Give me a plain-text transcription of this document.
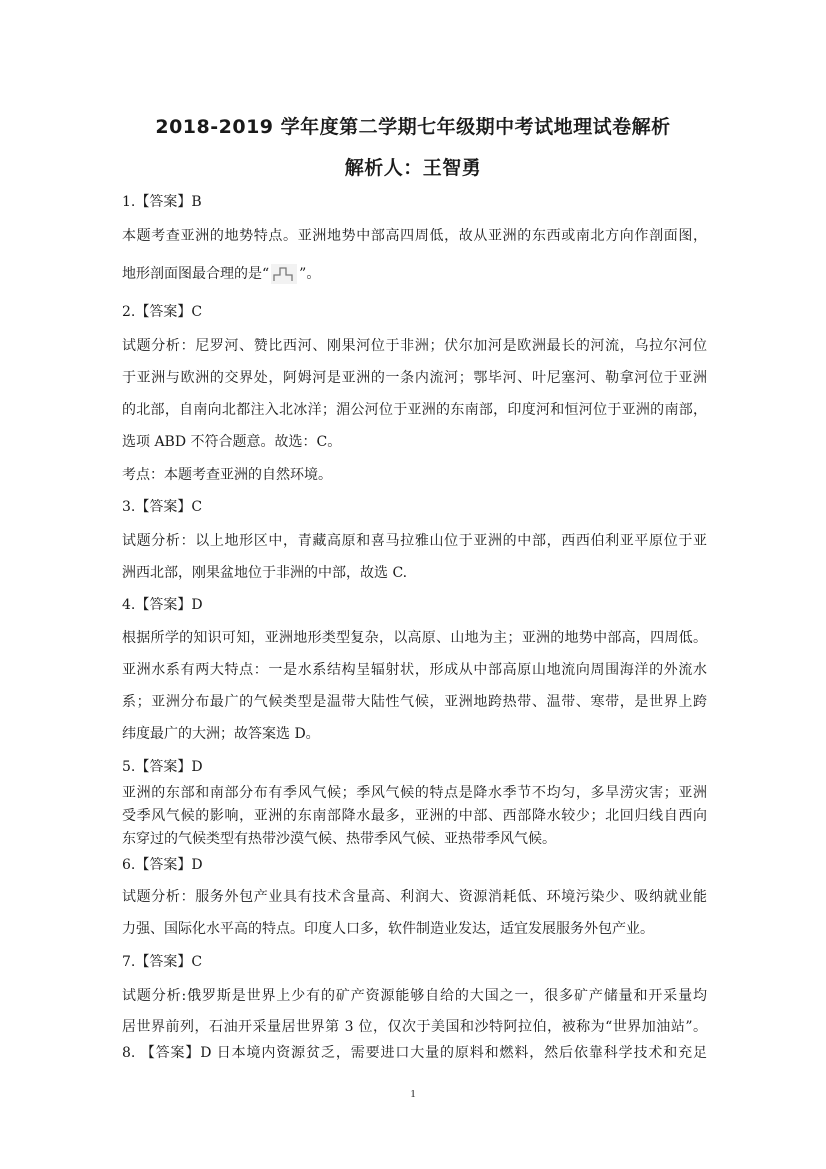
2018-2019 学年度第二学期七年级期中考试地理试卷解析
解析人：王智勇
1.【答案】B
本题考查亚洲的地势特点。亚洲地势中部高四周低，故从亚洲的东西或南北方向作剖面图，
地形剖面图最合理的是“ ”。
2.【答案】C
试题分析：尼罗河、赞比西河、刚果河位于非洲；伏尔加河是欧洲最长的河流，乌拉尔河位
于亚洲与欧洲的交界处，阿姆河是亚洲的一条内流河；鄂毕河、叶尼塞河、勒拿河位于亚洲
的北部，自南向北都注入北冰洋；湄公河位于亚洲的东南部，印度河和恒河位于亚洲的南部，
选项 ABD 不符合题意。故选：C。
考点：本题考查亚洲的自然环境。
3.【答案】C
试题分析：以上地形区中，青藏高原和喜马拉雅山位于亚洲的中部，西西伯利亚平原位于亚
洲西北部，刚果盆地位于非洲的中部，故选 C.
4.【答案】D
根据所学的知识可知，亚洲地形类型复杂，以高原、山地为主；亚洲的地势中部高，四周低。
亚洲水系有两大特点：一是水系结构呈辐射状，形成从中部高原山地流向周围海洋的外流水
系；亚洲分布最广的气候类型是温带大陆性气候，亚洲地跨热带、温带、寒带，是世界上跨
纬度最广的大洲；故答案选 D。
5.【答案】D
亚洲的东部和南部分布有季风气候；季风气候的特点是降水季节不均匀，多旱涝灾害；亚洲
受季风气候的影响，亚洲的东南部降水最多，亚洲的中部、西部降水较少；北回归线自西向
东穿过的气候类型有热带沙漠气候、热带季风气候、亚热带季风气候。
6.【答案】D
试题分析：服务外包产业具有技术含量高、利润大、资源消耗低、环境污染少、吸纳就业能
力强、国际化水平高的特点。印度人口多，软件制造业发达，适宜发展服务外包产业。
7.【答案】C
试题分析:俄罗斯是世界上少有的矿产资源能够自给的大国之一，很多矿产储量和开采量均
居世界前列，石油开采量居世界第 3 位，仅次于美国和沙特阿拉伯，被称为“世界加油站”。
8. 【答案】D 日本境内资源贫乏，需要进口大量的原料和燃料，然后依靠科学技术和充足
1
